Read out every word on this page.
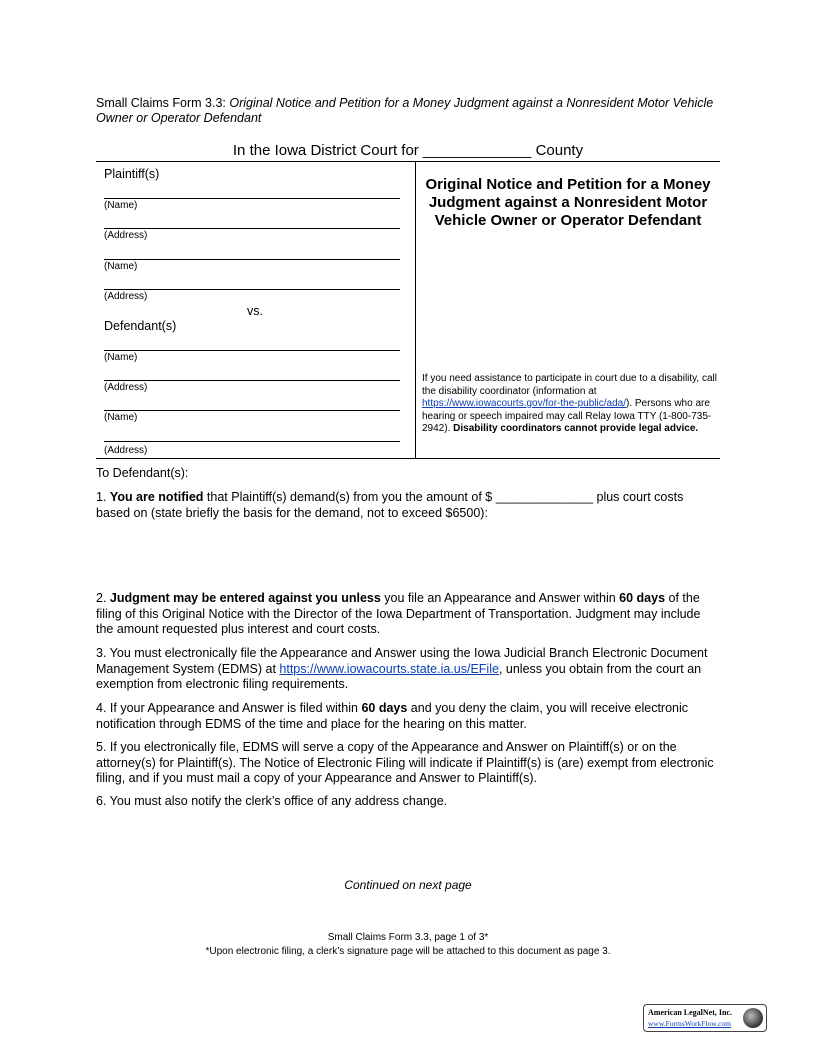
Small Claims Form 3.3: Original Notice and Petition for a Money Judgment against a Nonresident Motor Vehicle Owner or Operator Defendant
In the Iowa District Court for _____________ County
Plaintiff(s)
(Name)
(Address)
(Name)
(Address)
vs.
Defendant(s)
(Name)
(Address)
(Name)
(Address)
Original Notice and Petition for a Money Judgment against a Nonresident Motor Vehicle Owner or Operator Defendant
If you need assistance to participate in court due to a disability, call the disability coordinator (information at https://www.iowacourts.gov/for-the-public/ada/). Persons who are hearing or speech impaired may call Relay Iowa TTY (1-800-735-2942). Disability coordinators cannot provide legal advice.
To Defendant(s):
1. You are notified that Plaintiff(s) demand(s) from you the amount of $ ______________ plus court costs based on (state briefly the basis for the demand, not to exceed $6500):
2. Judgment may be entered against you unless you file an Appearance and Answer within 60 days of the filing of this Original Notice with the Director of the Iowa Department of Transportation. Judgment may include the amount requested plus interest and court costs.
3. You must electronically file the Appearance and Answer using the Iowa Judicial Branch Electronic Document Management System (EDMS) at https://www.iowacourts.state.ia.us/EFile, unless you obtain from the court an exemption from electronic filing requirements.
4. If your Appearance and Answer is filed within 60 days and you deny the claim, you will receive electronic notification through EDMS of the time and place for the hearing on this matter.
5. If you electronically file, EDMS will serve a copy of the Appearance and Answer on Plaintiff(s) or on the attorney(s) for Plaintiff(s). The Notice of Electronic Filing will indicate if Plaintiff(s) is (are) exempt from electronic filing, and if you must mail a copy of your Appearance and Answer to Plaintiff(s).
6. You must also notify the clerk’s office of any address change.
Continued on next page
Small Claims Form 3.3, page 1 of 3*
*Upon electronic filing, a clerk’s signature page will be attached to this document as page 3.
American LegalNet, Inc.
www.FormsWorkFlow.com
